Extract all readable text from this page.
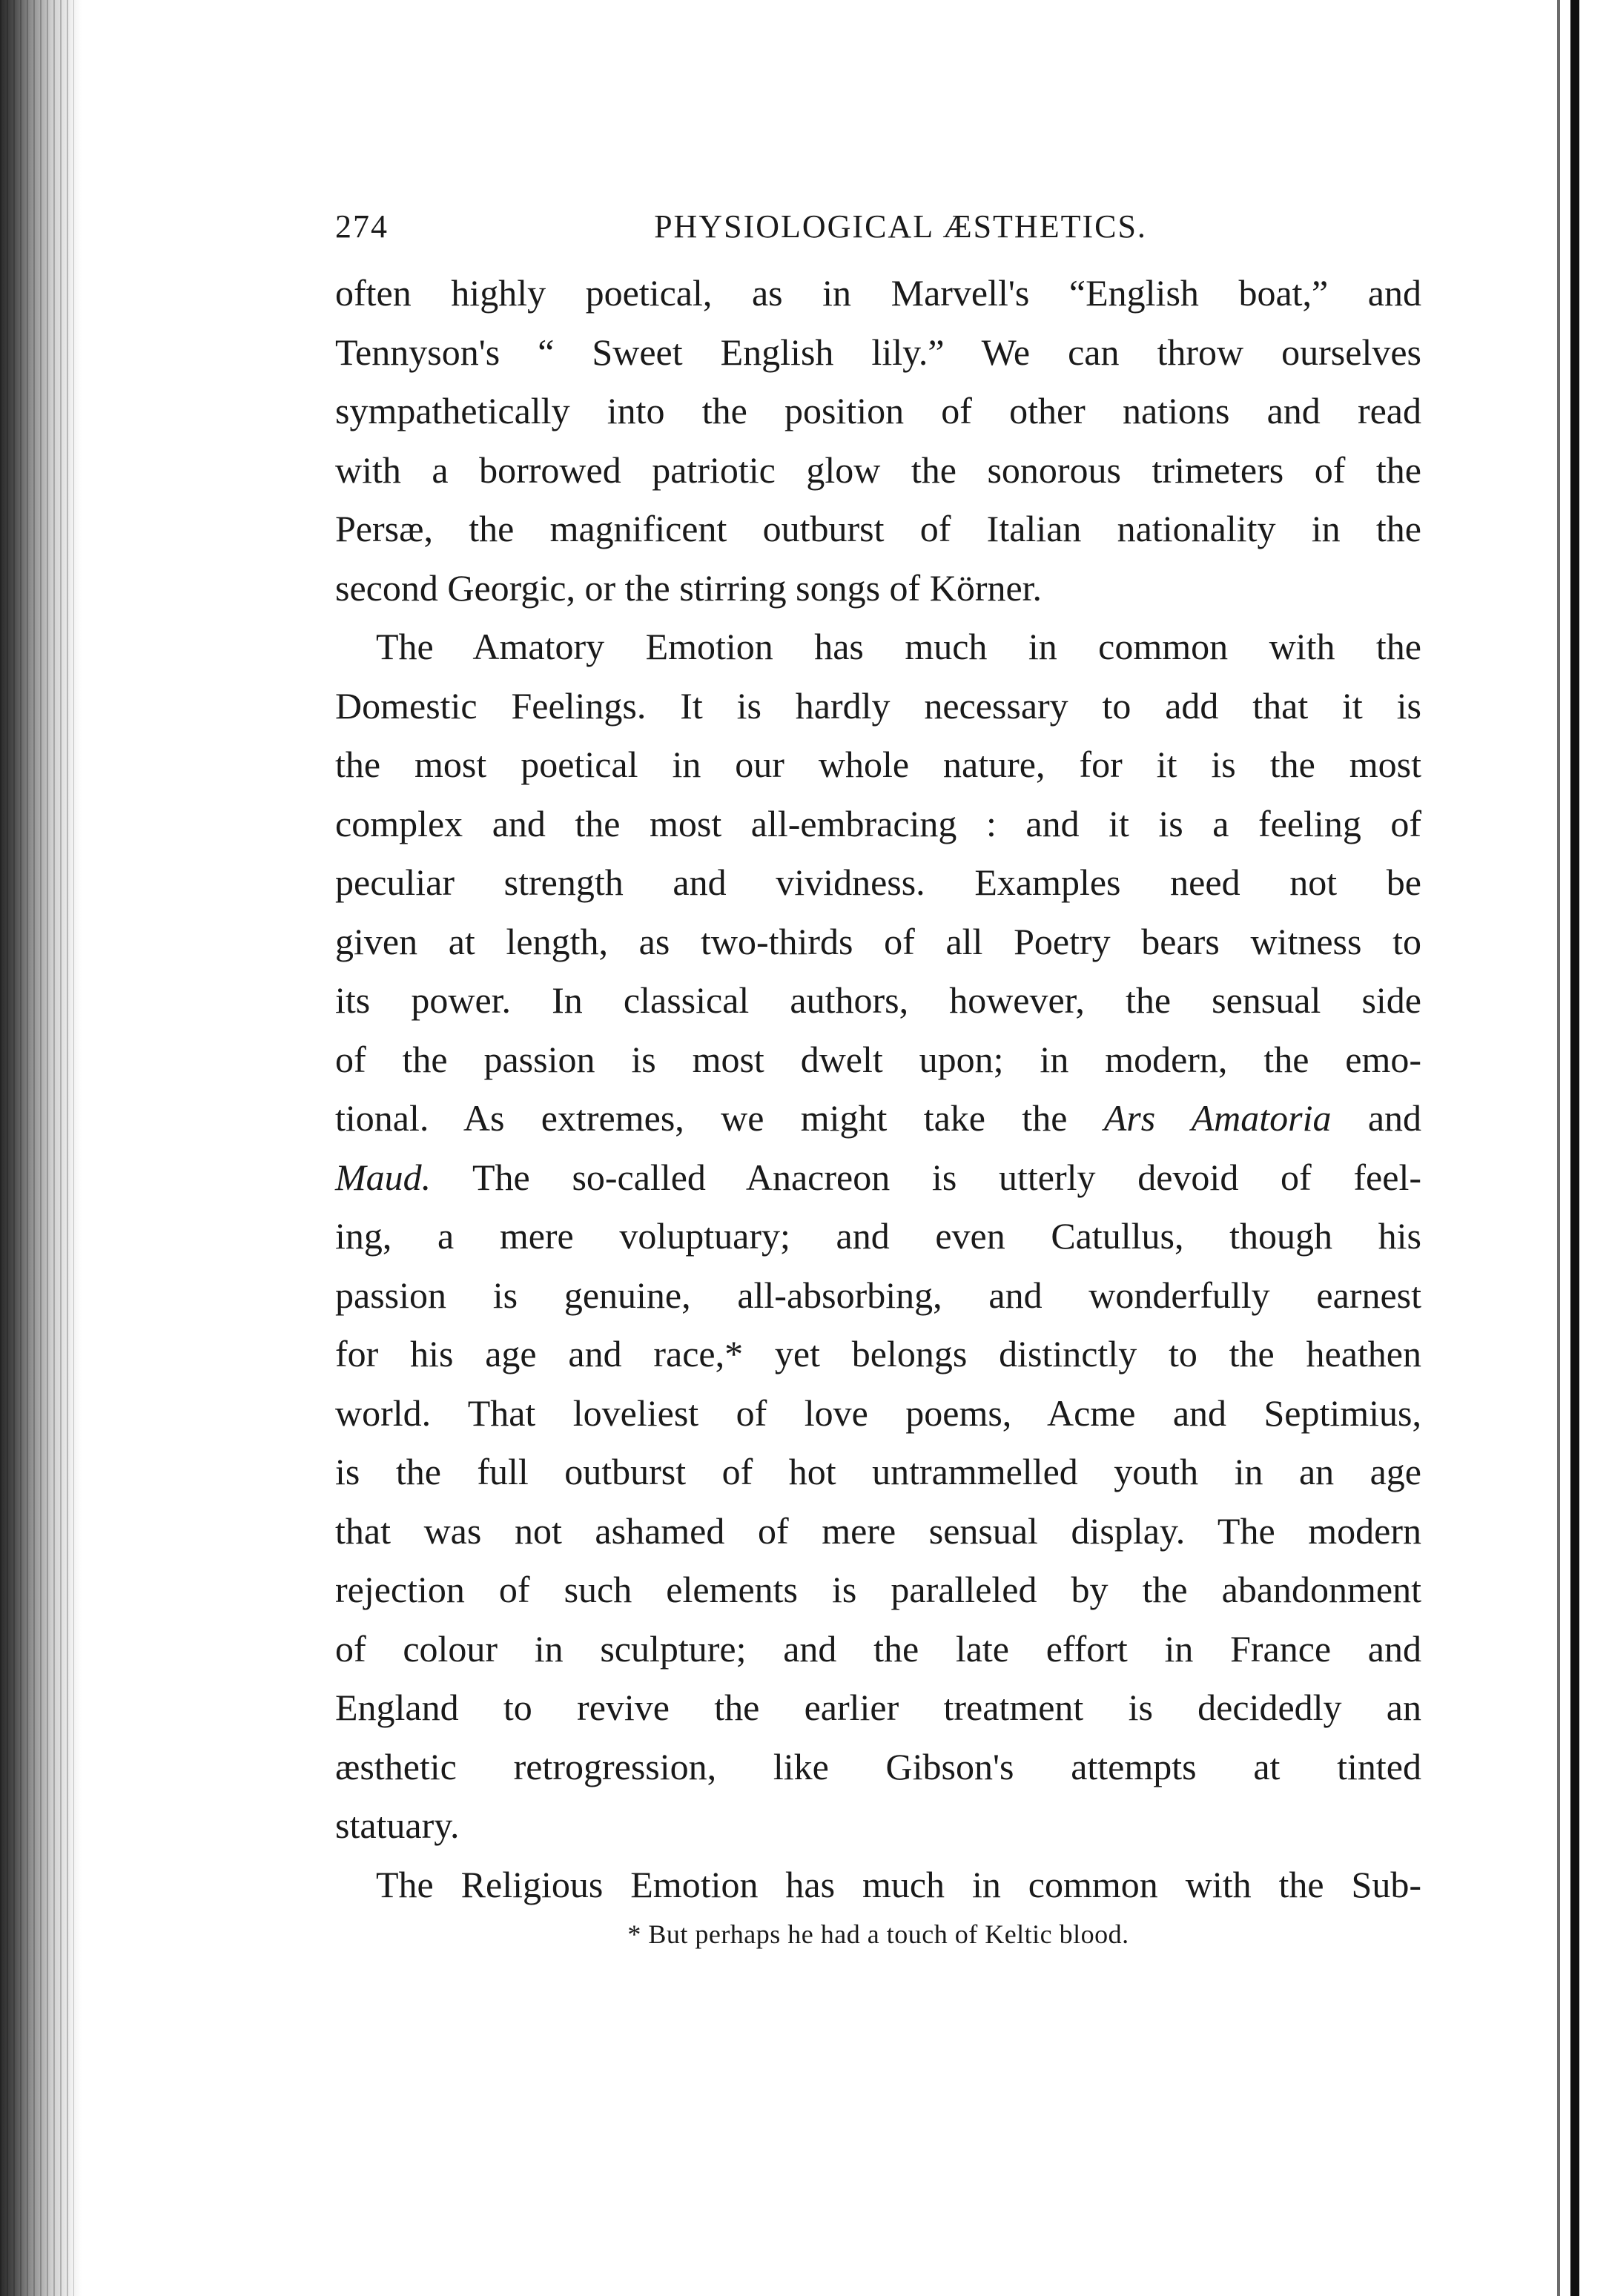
274	PHYSIOLOGICAL ÆSTHETICS.
often highly poetical, as in Marvell's “English boat,” and
Tennyson's “ Sweet English lily.” We can throw ourselves
sympathetically into the position of other nations and read
with a borrowed patriotic glow the sonorous trimeters of the
Persæ, the magnificent outburst of Italian nationality in the
second Georgic, or the stirring songs of Körner.
The Amatory Emotion has much in common with the
Domestic Feelings. It is hardly necessary to add that it is
the most poetical in our whole nature, for it is the most
complex and the most all-embracing : and it is a feeling of
peculiar strength and vividness. Examples need not be
given at length, as two-thirds of all Poetry bears witness to
its power. In classical authors, however, the sensual side
of the passion is most dwelt upon; in modern, the emo-
tional. As extremes, we might take the Ars Amatoria and
Maud. The so-called Anacreon is utterly devoid of feel-
ing, a mere voluptuary; and even Catullus, though his
passion is genuine, all-absorbing, and wonderfully earnest
for his age and race,* yet belongs distinctly to the heathen
world. That loveliest of love poems, Acme and Septimius,
is the full outburst of hot untrammelled youth in an age
that was not ashamed of mere sensual display. The modern
rejection of such elements is paralleled by the abandonment
of colour in sculpture; and the late effort in France and
England to revive the earlier treatment is decidedly an
æsthetic retrogression, like Gibson's attempts at tinted
statuary.
The Religious Emotion has much in common with the Sub-
* But perhaps he had a touch of Keltic blood.
